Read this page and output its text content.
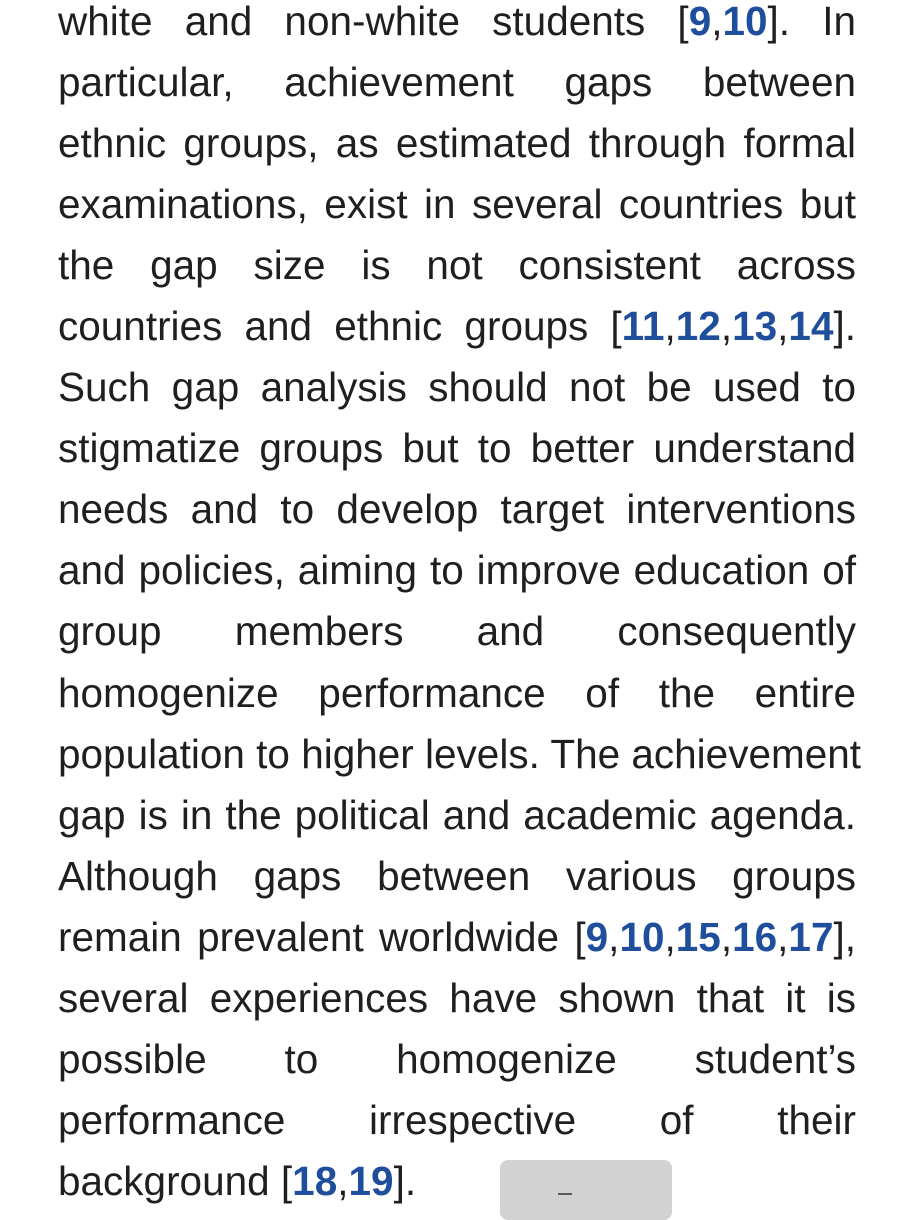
white and non-white students [9,10]. In
particular, achievement gaps between
ethnic groups, as estimated through formal
examinations, exist in several countries but
the gap size is not consistent across
countries and ethnic groups [11,12,13,14].
Such gap analysis should not be used to
stigmatize groups but to better understand
needs and to develop target interventions
and policies, aiming to improve education of
group members and consequently
homogenize performance of the entire
population to higher levels. The achievement
gap is in the political and academic agenda.
Although gaps between various groups
remain prevalent worldwide [9,10,15,16,17],
several experiences have shown that it is
possible to homogenize student’s
performance irrespective of their
background [18,19].
